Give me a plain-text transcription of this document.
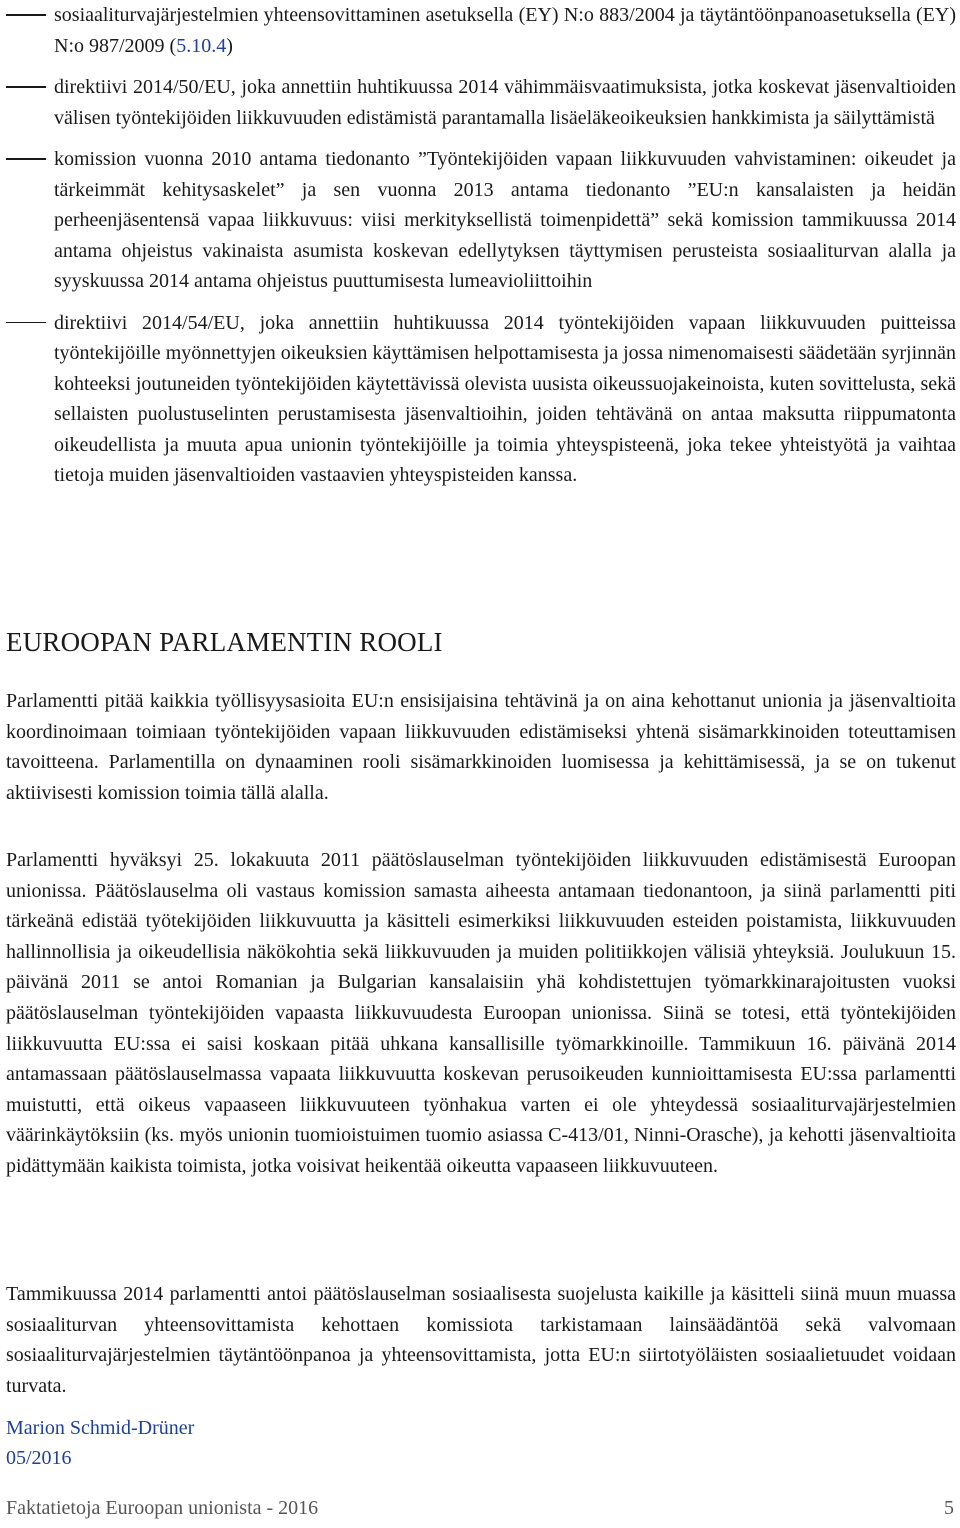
sosiaaliturvajärjestelmien yhteensovittaminen asetuksella (EY) N:o 883/2004 ja täytäntöönpanoasetuksella (EY) N:o 987/2009 (5.10.4)
direktiivi 2014/50/EU, joka annettiin huhtikuussa 2014 vähimmäisvaatimuksista, jotka koskevat jäsenvaltioiden välisen työntekijöiden liikkuvuuden edistämistä parantamalla lisäeläkeoikeuksien hankkimista ja säilyttämistä
komission vuonna 2010 antama tiedonanto ”Työntekijöiden vapaan liikkuvuuden vahvistaminen: oikeudet ja tärkeimmät kehitysaskelet” ja sen vuonna 2013 antama tiedonanto ”EU:n kansalaisten ja heidän perheenjäsentensä vapaa liikkuvuus: viisi merkityksellistä toimenpidettä” sekä komission tammikuussa 2014 antama ohjeistus vakinaista asumista koskevan edellytyksen täyttymisen perusteista sosiaaliturvan alalla ja syyskuussa 2014 antama ohjeistus puuttumisesta lumeavioliittoihin
direktiivi 2014/54/EU, joka annettiin huhtikuussa 2014 työntekijöiden vapaan liikkuvuuden puitteissa työntekijöille myönnettyjen oikeuksien käyttämisen helpottamisesta ja jossa nimenomaisesti säädetään syrjinnän kohteeksi joutuneiden työntekijöiden käytettävissä olevista uusista oikeussuojakeinoista, kuten sovittelusta, sekä sellaisten puolustuselinten perustamisesta jäsenvaltioihin, joiden tehtävänä on antaa maksutta riippumatonta oikeudellista ja muuta apua unionin työntekijöille ja toimia yhteyspisteenä, joka tekee yhteistyötä ja vaihtaa tietoja muiden jäsenvaltioiden vastaavien yhteyspisteiden kanssa.
EUROOPAN PARLAMENTIN ROOLI

Parlamentti pitää kaikkia työllisyysasioita EU:n ensisijaisina tehtävinä ja on aina kehottanut unionia ja jäsenvaltioita koordinoimaan toimiaan työntekijöiden vapaan liikkuvuuden edistämiseksi yhtenä sisämarkkinoiden toteuttamisen tavoitteena. Parlamentilla on dynaaminen rooli sisämarkkinoiden luomisessa ja kehittämisessä, ja se on tukenut aktiivisesti komission toimia tällä alalla.

Parlamentti hyväksyi 25. lokakuuta 2011 päätöslauselman työntekijöiden liikkuvuuden edistämisestä Euroopan unionissa. Päätöslauselma oli vastaus komission samasta aiheesta antamaan tiedonantoon, ja siinä parlamentti piti tärkeänä edistää työtekijöiden liikkuvuutta ja käsitteli esimerkiksi liikkuvuuden esteiden poistamista, liikkuvuuden hallinnollisia ja oikeudellisia näkökohtia sekä liikkuvuuden ja muiden politiikkojen välisiä yhteyksiä. Joulukuun 15. päivänä 2011 se antoi Romanian ja Bulgarian kansalaisiin yhä kohdistettujen työmarkkinarajoitusten vuoksi päätöslauselman työntekijöiden vapaasta liikkuvuudesta Euroopan unionissa. Siinä se totesi, että työntekijöiden liikkuvuutta EU:ssa ei saisi koskaan pitää uhkana kansallisille työmarkkinoille. Tammikuun 16. päivänä 2014 antamassaan päätöslauselmassa vapaata liikkuvuutta koskevan perusoikeuden kunnioittamisesta EU:ssa parlamentti muistutti, että oikeus vapaaseen liikkuvuuteen työnhakua varten ei ole yhteydessä sosiaaliturvajärjestelmien väärinkäytöksiin (ks. myös unionin tuomioistuimen tuomio asiassa C-413/01, Ninni-Orasche), ja kehotti jäsenvaltioita pidättymään kaikista toimista, jotka voisivat heikentää oikeutta vapaaseen liikkuvuuteen.

Tammikuussa 2014 parlamentti antoi päätöslauselman sosiaalisesta suojelusta kaikille ja käsitteli siinä muun muassa sosiaaliturvan yhteensovittamista kehottaen komissiota tarkistamaan lainsäädäntöä sekä valvomaan sosiaaliturvajärjestelmien täytäntöönpanoa ja yhteensovittamista, jotta EU:n siirtotyöläisten sosiaalietuudet voidaan turvata.

Marion Schmid-Drüner
05/2016
Faktatietoja Euroopan unionista - 2016	5
